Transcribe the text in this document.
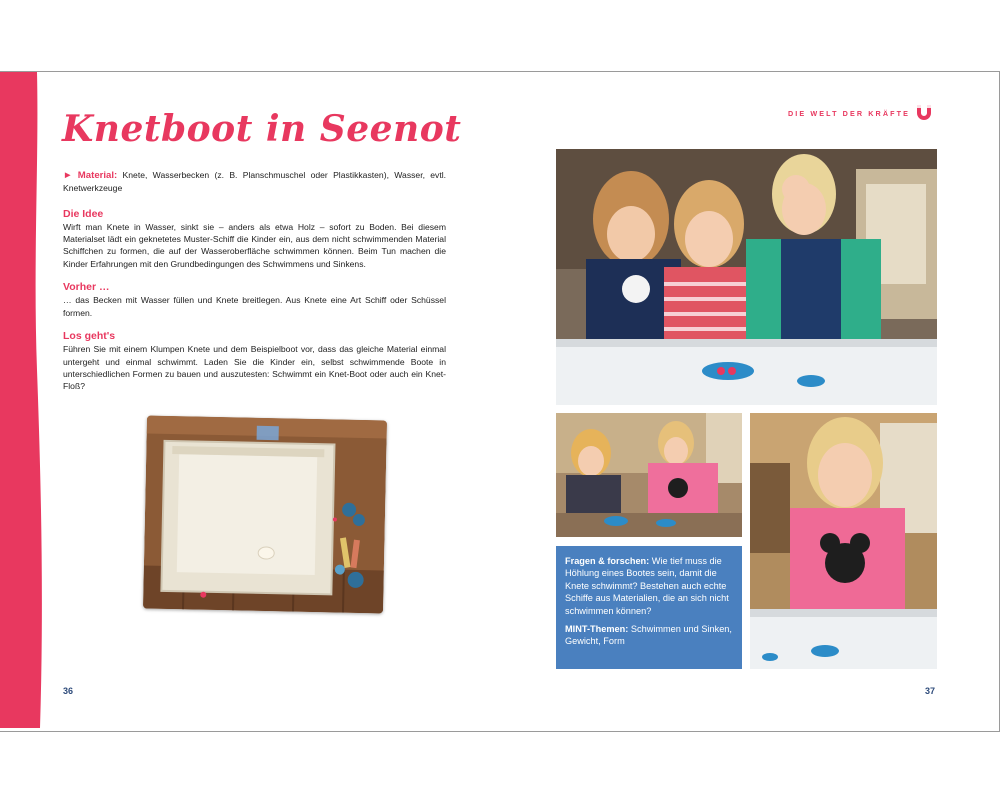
Knetboot in Seenot	DIE WELT DER KRÄFTE

► Material: Knete, Wasserbecken (z. B. Planschmuschel oder Plastikkasten), Wasser, evtl. Knetwerkzeuge

Die Idee

Wirft man Knete in Wasser, sinkt sie – anders als etwa Holz – sofort zu Boden. Bei diesem Materialset lädt ein geknetetes Muster-Schiff die Kinder ein, aus dem nicht schwimmenden Material Schiffchen zu formen, die auf der Wasseroberfläche schwimmen können. Beim Tun machen die Kinder Erfahrungen mit den Grundbedingungen des Schwimmens und Sinkens.

Vorher …

… das Becken mit Wasser füllen und Knete breitlegen. Aus Knete eine Art Schiff oder Schüssel formen.

Los geht's

Führen Sie mit einem Klumpen Knete und dem Beispielboot vor, dass das gleiche Material einmal untergeht und einmal schwimmt. Laden Sie die Kinder ein, selbst schwimmende Boote in unterschiedlichen Formen zu bauen und auszutesten: Schwimmt ein Knet-Boot oder auch ein Knet-Floß?

Fragen & forschen: Wie tief muss die Höhlung eines Bootes sein, damit die Knete schwimmt? Bestehen auch echte Schiffe aus Materialien, die an sich nicht schwimmen können?

MINT-Themen: Schwimmen und Sinken, Gewicht, Form

36	37
